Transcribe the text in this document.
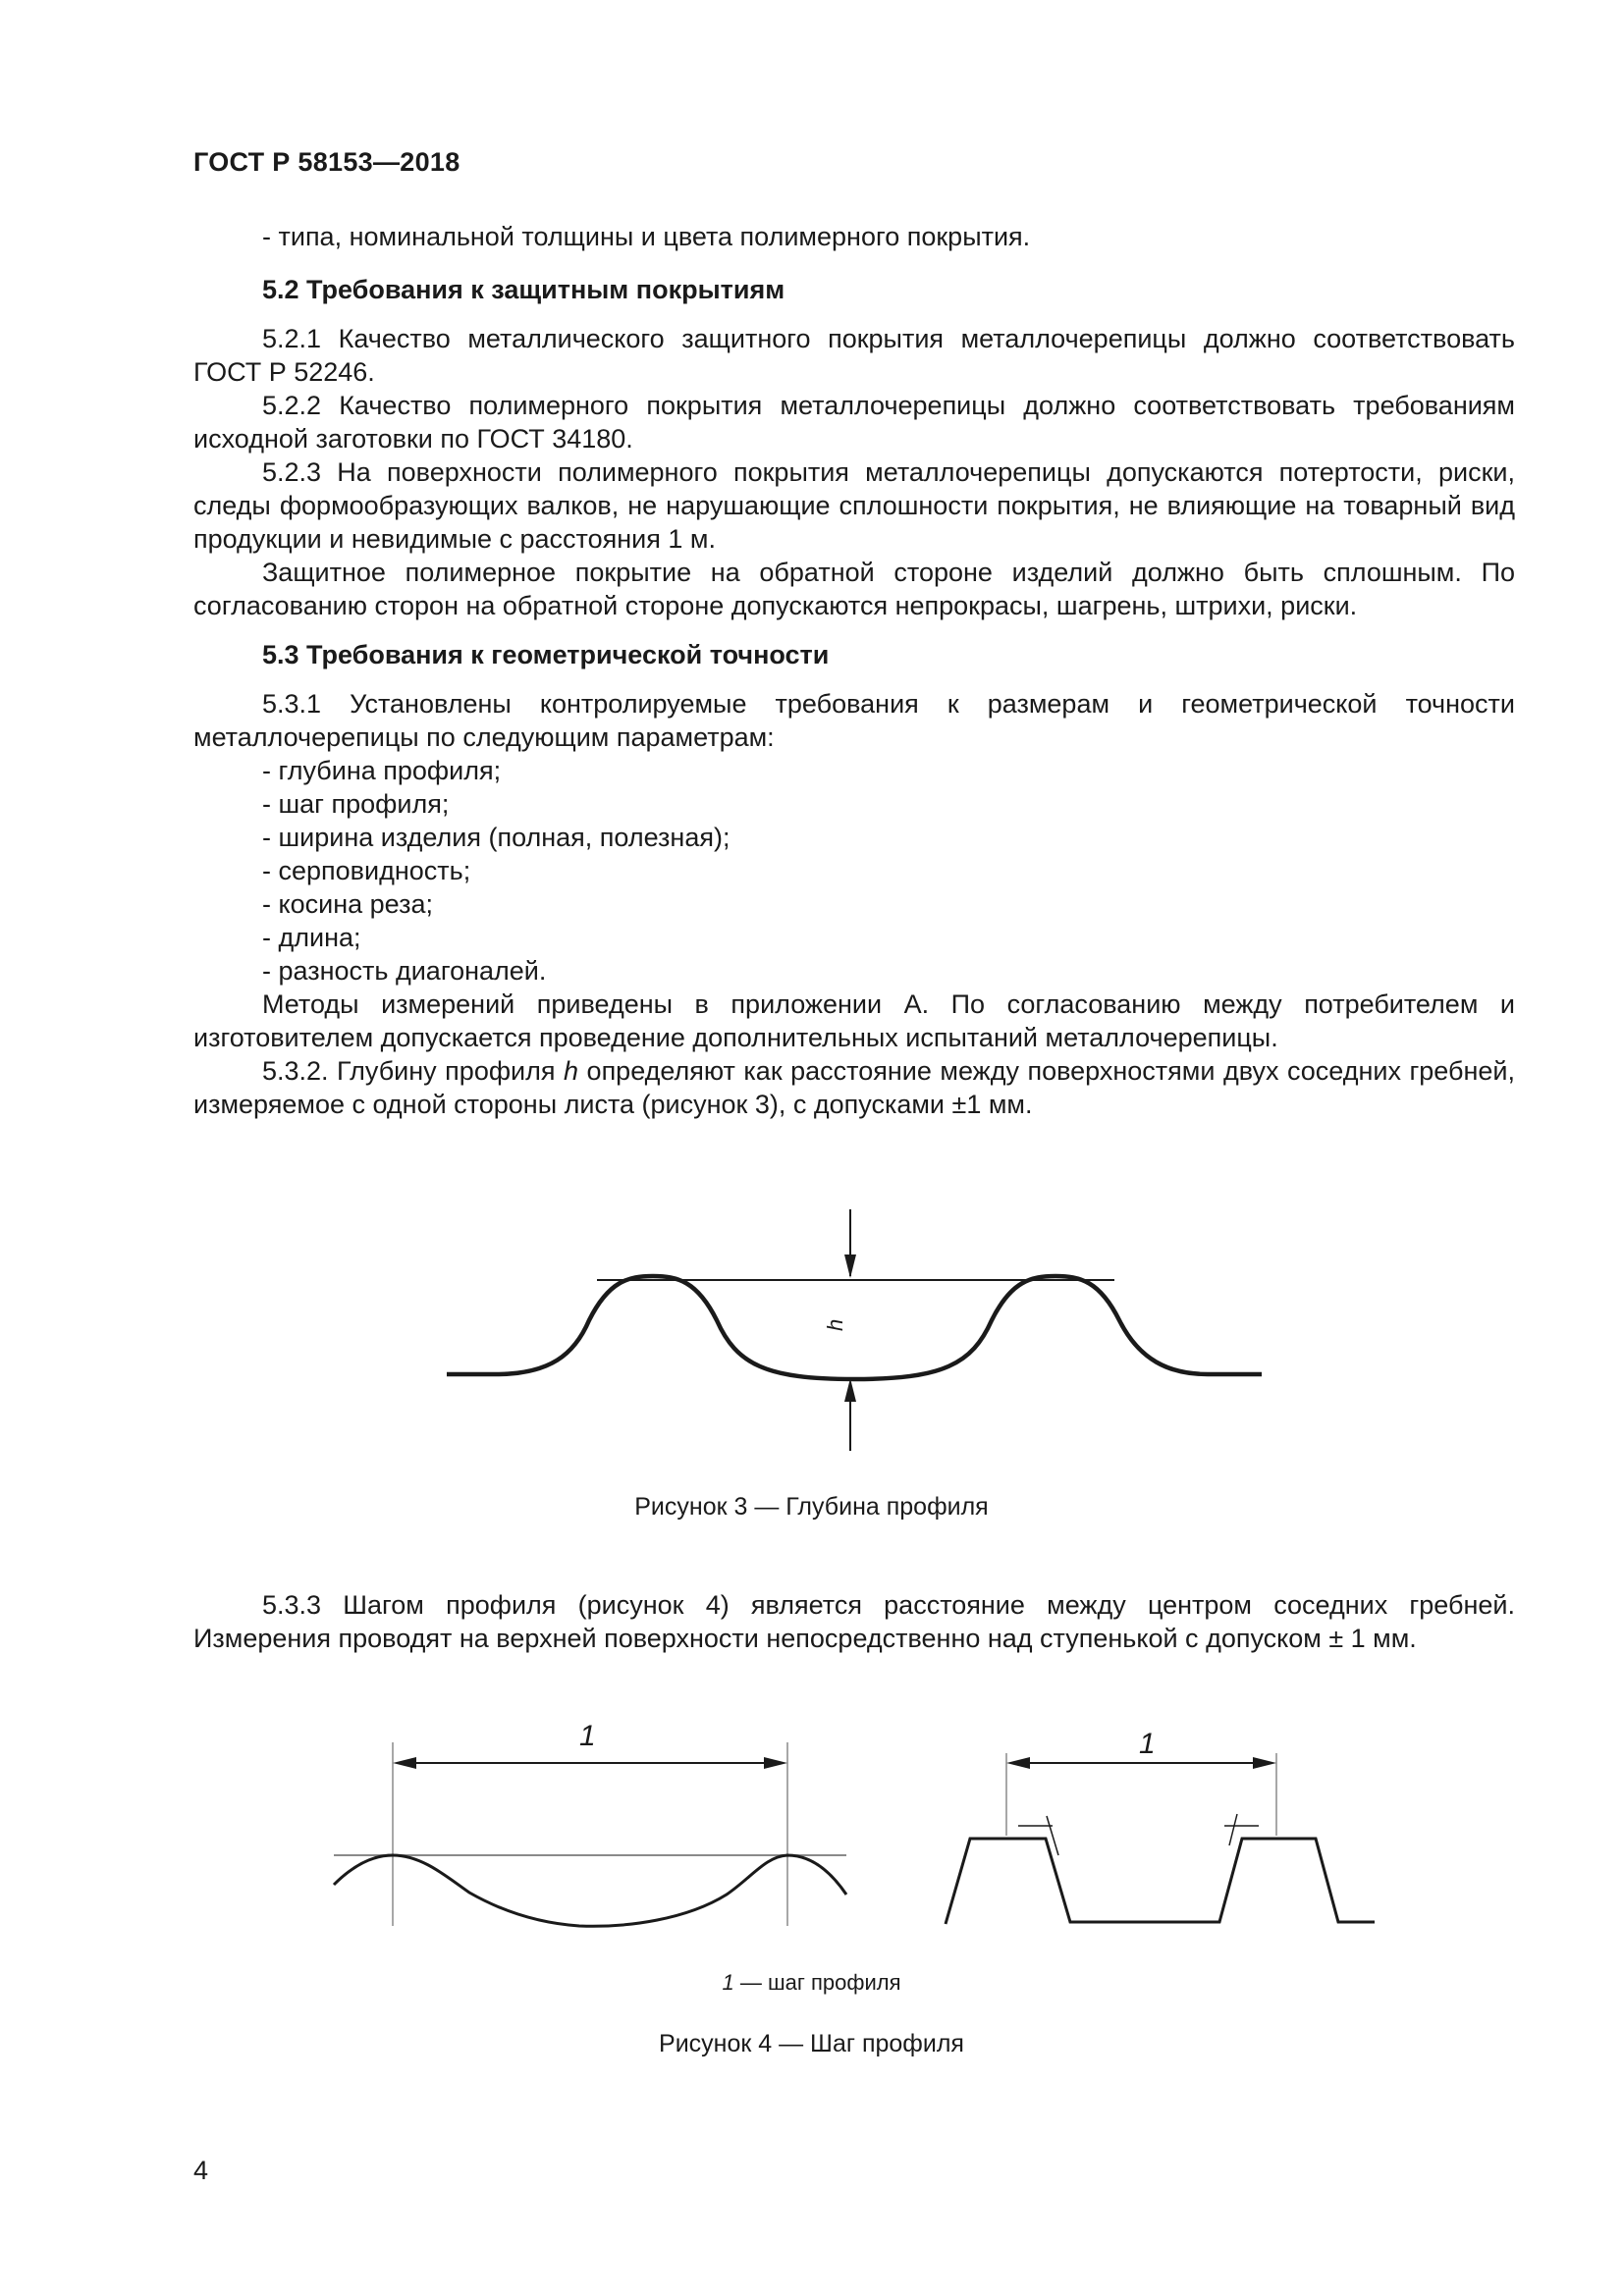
ГОСТ Р 58153—2018

- типа, номинальной толщины и цвета полимерного покрытия.

5.2 Требования к защитным покрытиям

5.2.1 Качество металлического защитного покрытия металлочерепицы должно соответствовать ГОСТ Р 52246.

5.2.2 Качество полимерного покрытия металлочерепицы должно соответствовать требованиям исходной заготовки по ГОСТ 34180.

5.2.3 На поверхности полимерного покрытия металлочерепицы допускаются потертости, риски, следы формообразующих валков, не нарушающие сплошности покрытия, не влияющие на товарный вид продукции и невидимые с расстояния 1 м.

Защитное полимерное покрытие на обратной стороне изделий должно быть сплошным. По согласованию сторон на обратной стороне допускаются непрокрасы, шагрень, штрихи, риски.

5.3 Требования к геометрической точности

5.3.1 Установлены контролируемые требования к размерам и геометрической точности металлочерепицы по следующим параметрам:

- глубина профиля;

- шаг профиля;

- ширина изделия (полная, полезная);

- серповидность;

- косина реза;

- длина;

- разность диагоналей.

Методы измерений приведены в приложении А. По согласованию между потребителем и изготовителем допускается проведение дополнительных испытаний металлочерепицы.

5.3.2. Глубину профиля h определяют как расстояние между поверхностями двух соседних гребней, измеряемое с одной стороны листа (рисунок 3), с допусками ±1 мм.

h
Рисунок 3 — Глубина профиля

5.3.3 Шагом профиля (рисунок 4) является расстояние между центром соседних гребней. Измерения проводят на верхней поверхности непосредственно над ступенькой с допуском ± 1 мм.

1	1
1 — шаг профиля
Рисунок 4 — Шаг профиля
4
